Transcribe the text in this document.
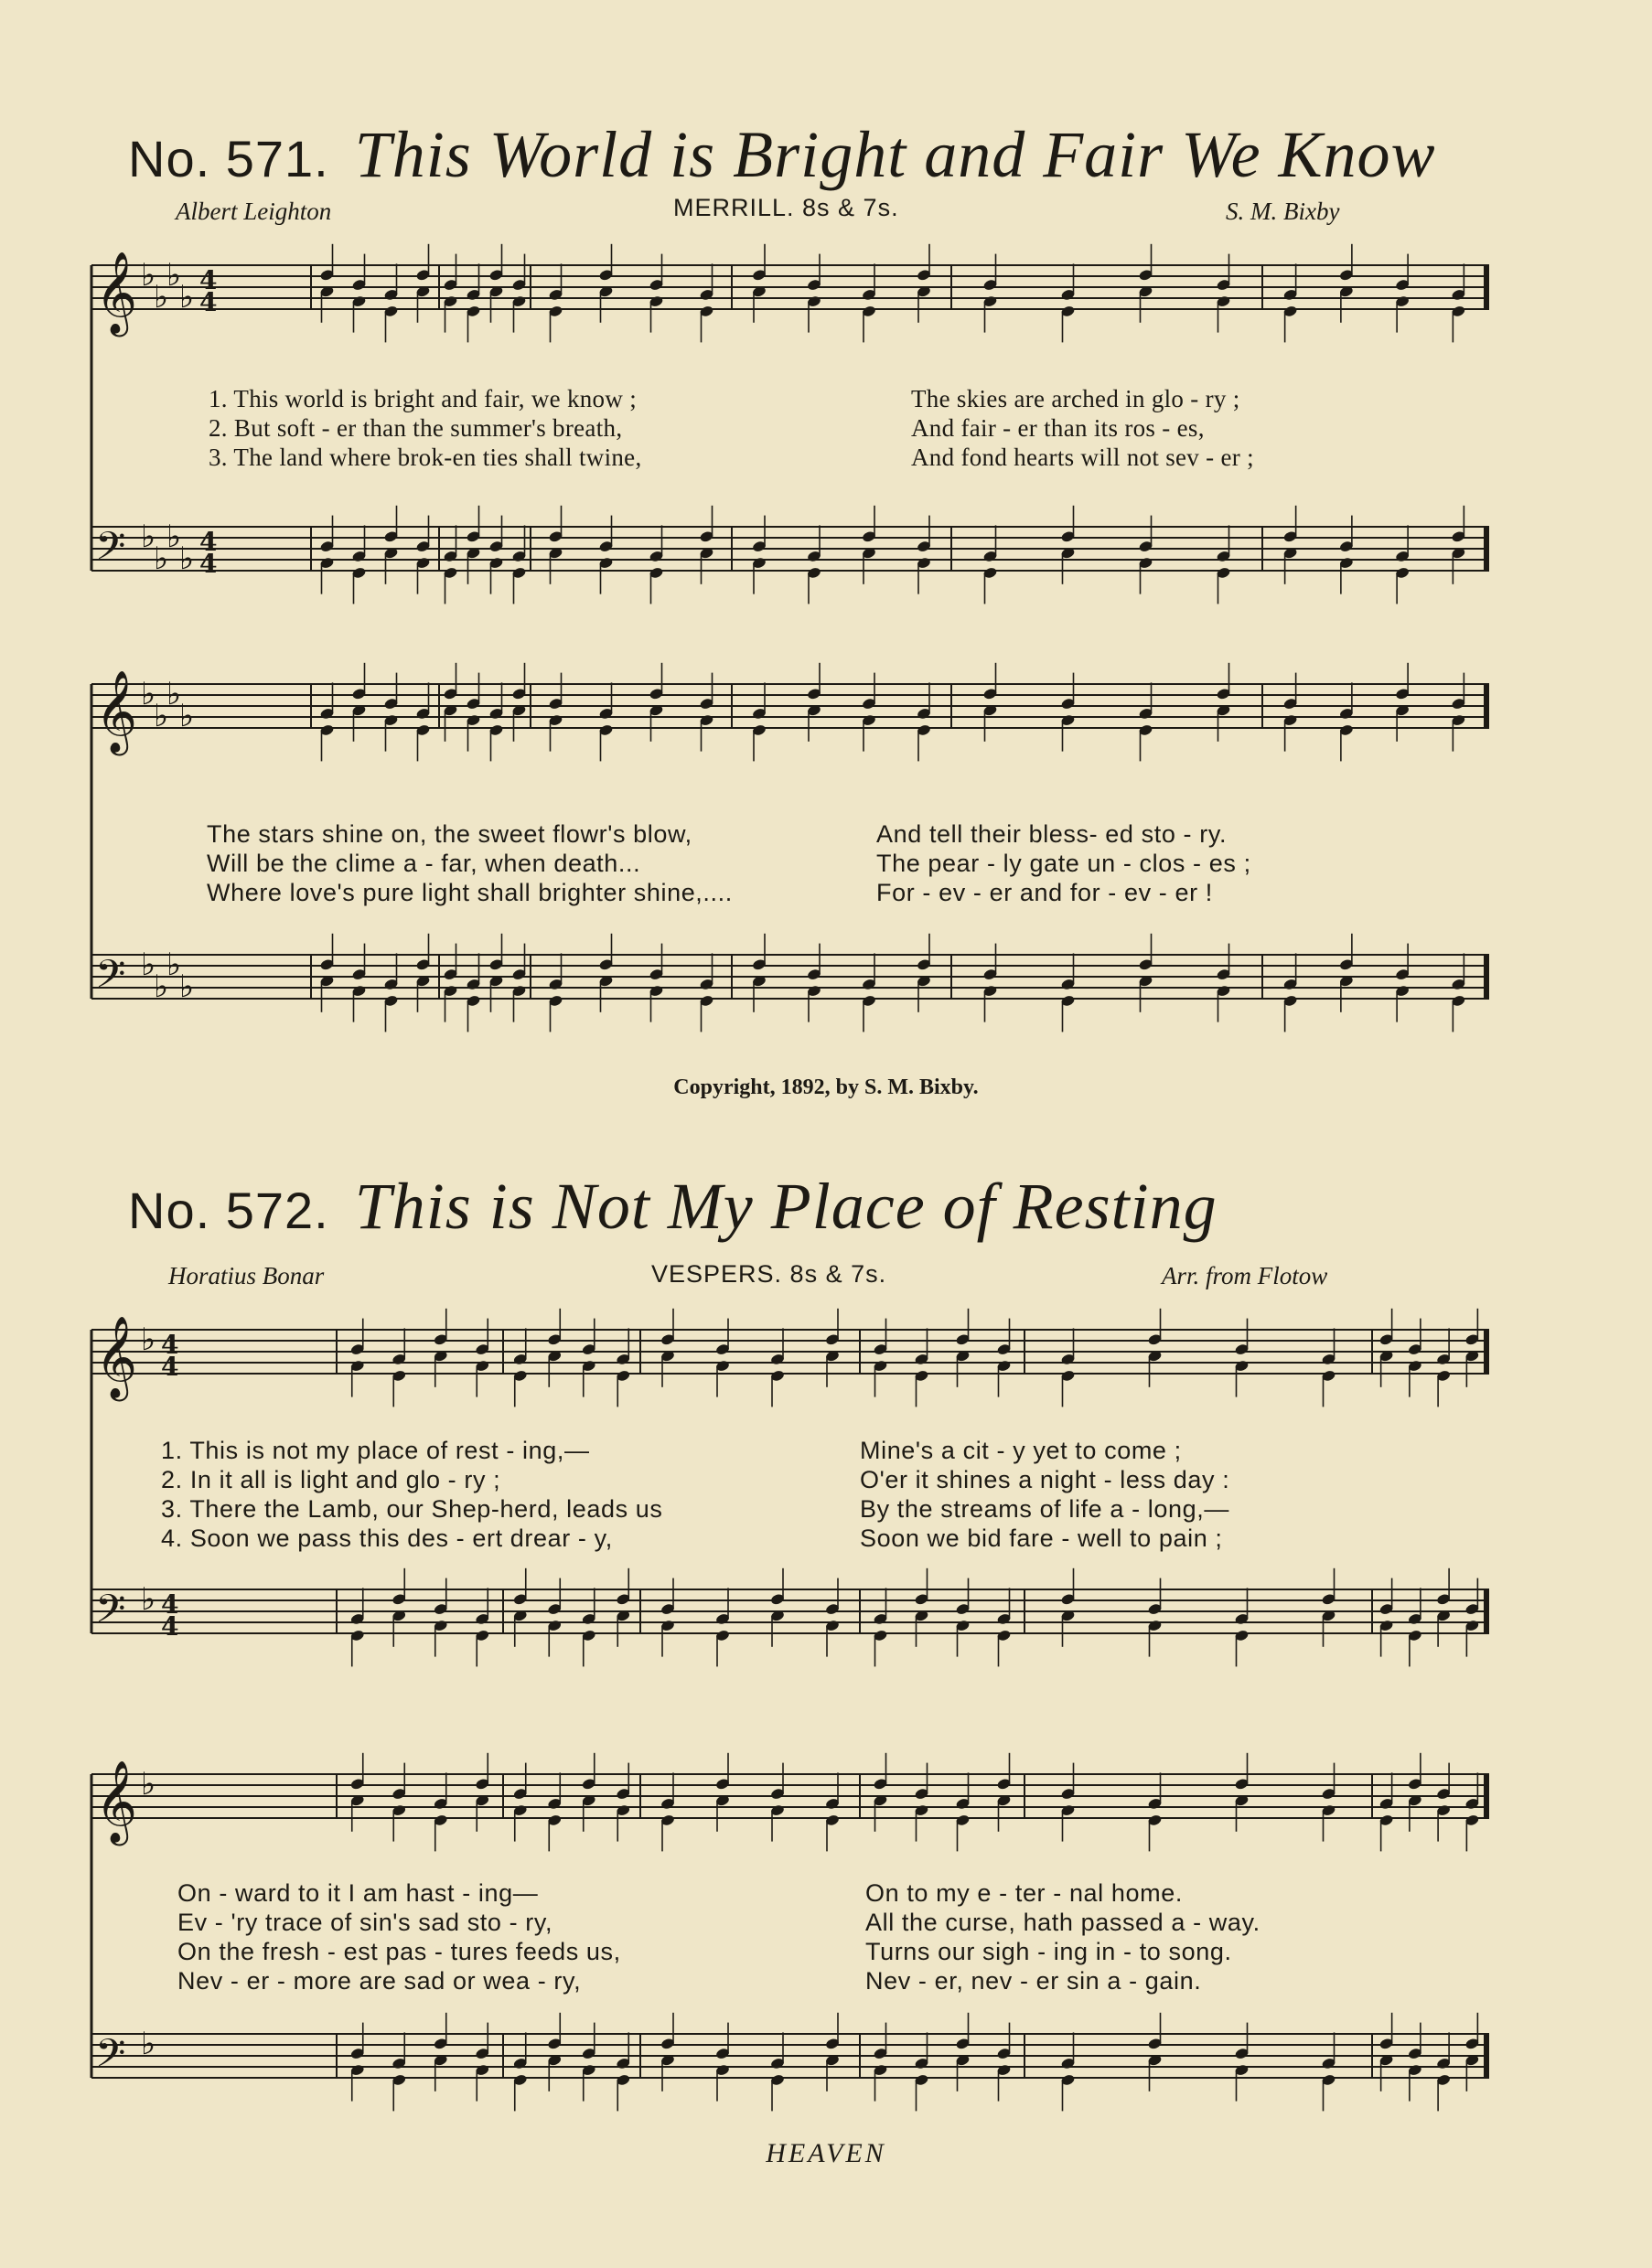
No. 571. This World is Bright and Fair We Know
Albert Leighton	MERRILL. 8s & 7s.	S. M. Bixby
1. This world is bright and fair, we know ;
2. But soft - er than the summer's breath,
3. The land where brok-en ties shall twine,
The skies are arched in glo - ry ;
And fair - er than its ros - es,
And fond hearts will not sev - er ;
The stars shine on, the sweet flowr's blow,
Will be the clime a - far, when death...
Where love's pure light shall brighter shine,....
And tell their bless- ed sto - ry.
The pear - ly gate un - clos - es ;
For - ev - er and for - ev - er !
Copyright, 1892, by S. M. Bixby.
No. 572. This is Not My Place of Resting
Horatius Bonar	VESPERS. 8s & 7s.	Arr. from Flotow
1. This is not my place of rest - ing,—
2. In it all is light and glo - ry ;
3. There the Lamb, our Shep-herd, leads us
4. Soon we pass this des - ert drear - y,
Mine's a cit - y yet to come ;
O'er it shines a night - less day :
By the streams of life a - long,—
Soon we bid fare - well to pain ;
On - ward to it I am hast - ing—
Ev - 'ry trace of sin's sad sto - ry,
On the fresh - est pas - tures feeds us,
Nev - er - more are sad or wea - ry,
On to my e - ter - nal home.
All the curse, hath passed a - way.
Turns our sigh - ing in - to song.
Nev - er, nev - er sin a - gain.
HEAVEN
𝄞 ♭
♭
♭
♭ 4
4
𝄢 ♭
♭
♭
♭ 4
4
𝄞 ♭
♭
♭
♭
𝄢 ♭
♭
♭
♭
𝄞 ♭ 4
4
𝄢 ♭ 4
4
𝄞 ♭
𝄢 ♭
